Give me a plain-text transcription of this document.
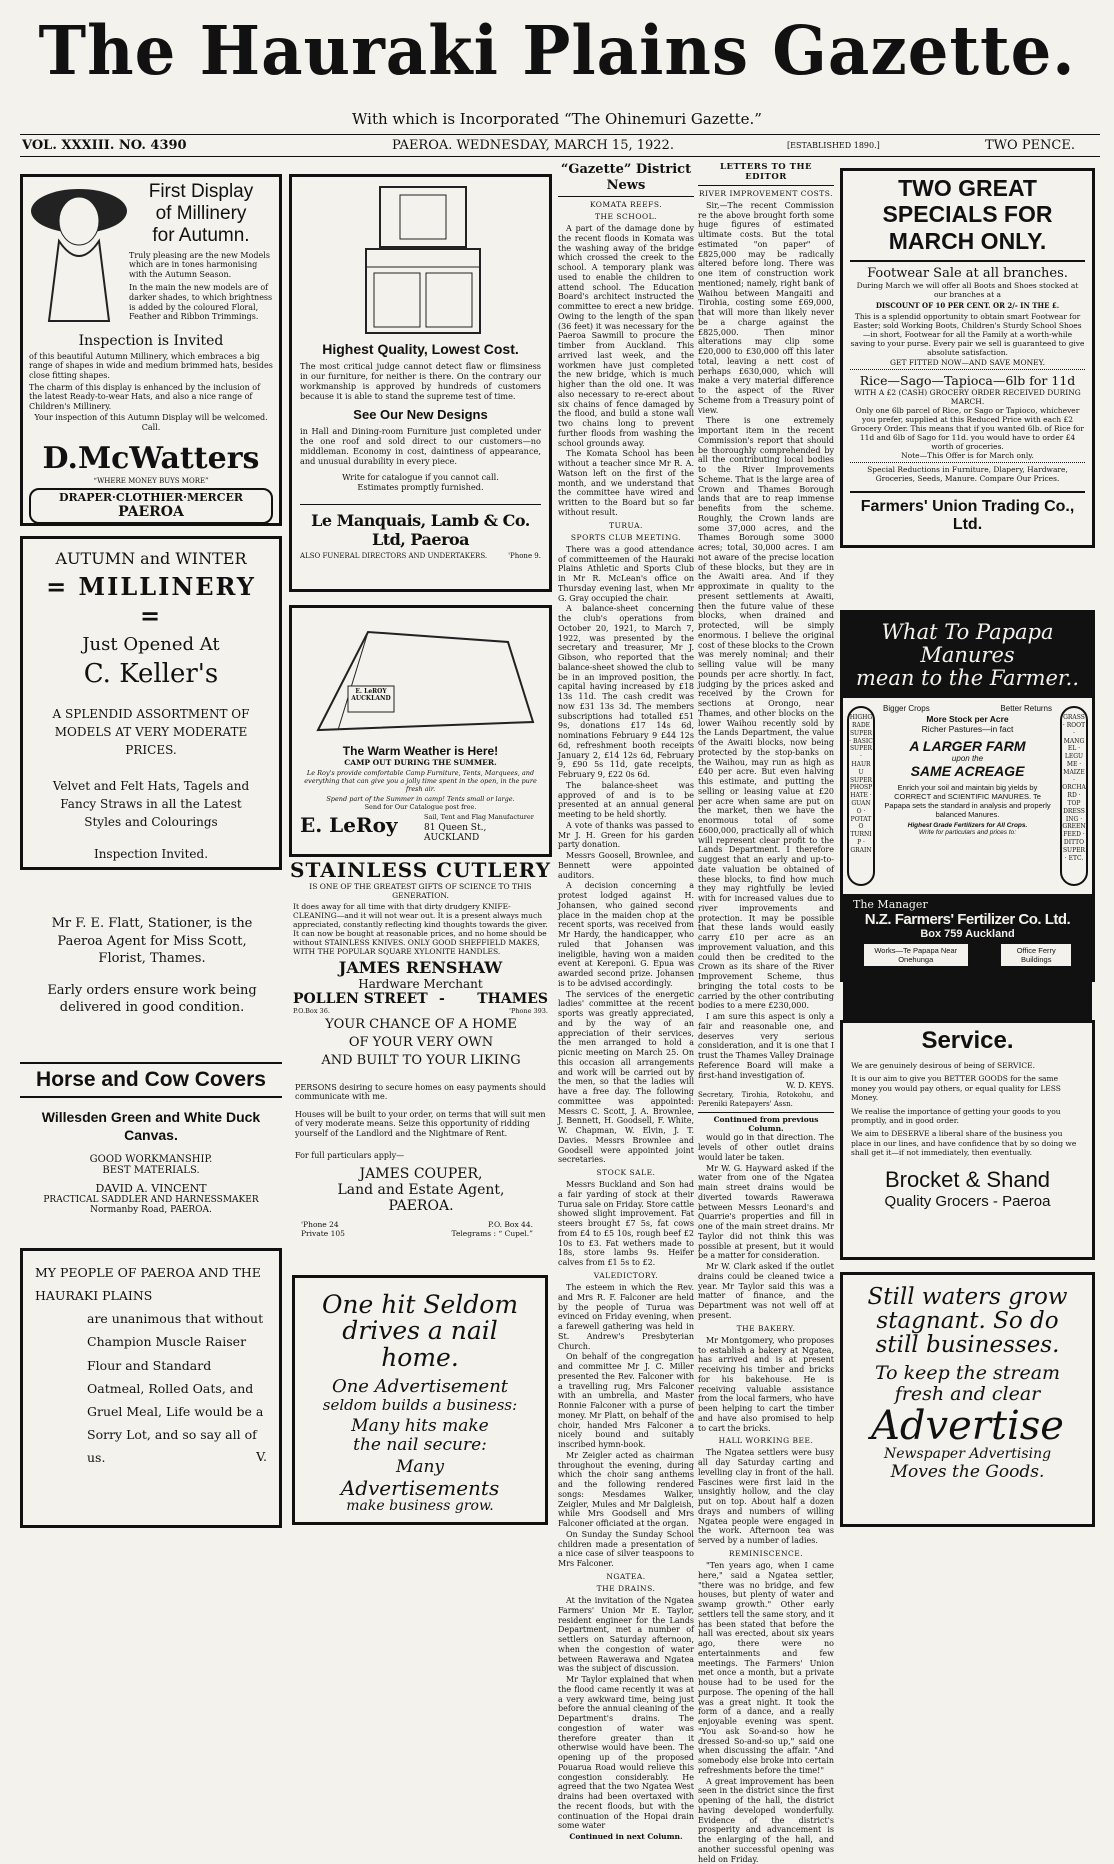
The Hauraki Plains Gazette.
With which is Incorporated “The Ohinemuri Gazette.”
VOL. XXXIII. NO. 4390	PAEROA. WEDNESDAY, MARCH 15, 1922.	[ESTABLISHED 1890.]	TWO PENCE.
First Display
of Millinery
for Autumn.

Truly pleasing are the new Models which are in tones harmonising with the Autumn Season.

In the main the new models are of darker shades, to which brightness is added by the coloured Floral, Feather and Ribbon Trimmings.

Inspection is Invited

of this beautiful Autumn Millinery, which embraces a big range of shapes in wide and medium brimmed hats, besides close fitting shapes.

The charm of this display is enhanced by the inclusion of the latest Ready-to-wear Hats, and also a nice range of Children's Millinery.

Your inspection of this Autumn Display will be welcomed. Call.

D.McWatters
“WHERE MONEY BUYS MORE”
DRAPER·CLOTHIER·MERCER PAEROA
AUTUMN and WINTER
= MILLINERY =
Just Opened At
C. Keller's
A SPLENDID ASSORTMENT OF MODELS AT VERY MODERATE PRICES.
Velvet and Felt Hats, Tagels and Fancy Straws in all the Latest Styles and Colourings
Inspection Invited.
Mr F. E. Flatt, Stationer, is the Paeroa Agent for Miss Scott, Florist, Thames.
Early orders ensure work being delivered in good condition.
Horse and Cow Covers
Willesden Green and White Duck Canvas.
GOOD WORKMANSHIP.
BEST MATERIALS.
DAVID A. VINCENT
PRACTICAL SADDLER AND HARNESSMAKER
Normanby Road, PAEROA.
MY PEOPLE OF PAEROA AND THE HAURAKI PLAINS
are unanimous that without Champion Muscle Raiser Flour and Standard Oatmeal, Rolled Oats, and Gruel Meal, Life would be a Sorry Lot, and so say all of us.	V.
Highest Quality, Lowest Cost.
The most critical judge cannot detect flaw or flimsiness in our furniture, for neither is there. On the contrary our workmanship is approved by hundreds of customers because it is able to stand the supreme test of time.
See Our New Designs
in Hall and Dining-room Furniture just completed under the one roof and sold direct to our customers—no middleman. Economy in cost, daintiness of appearance, and unusual durability in every piece.
Write for catalogue if you cannot call. Estimates promptly furnished.
Le Manquais, Lamb & Co. Ltd, Paeroa
ALSO FUNERAL DIRECTORS AND UNDERTAKERS.	'Phone 9.
E. LeROY AUCKLAND
The Warm Weather is Here!
CAMP OUT DURING THE SUMMER.
Le Roy's provide comfortable Camp Furniture, Tents, Marquees, and everything that can give you a jolly time spent in the open, in the pure fresh air.
Spend part of the Summer in camp! Tents small or large.
Send for Our Catalogue post free.
E. LeRoy	Sail, Tent and Flag Manufacturer
81 Queen St., AUCKLAND
STAINLESS CUTLERY
IS ONE OF THE GREATEST GIFTS OF SCIENCE TO THIS GENERATION.
It does away for all time with that dirty drudgery KNIFE-CLEANING—and it will not wear out. It is a present always much appreciated, constantly reflecting kind thoughts towards the giver. It can now be bought at reasonable prices, and no home should be without STAINLESS KNIVES. ONLY GOOD SHEFFIELD MAKES, WITH THE POPULAR SQUARE XYLONITE HANDLES.
JAMES RENSHAW
Hardware Merchant
POLLEN STREET - THAMES
P.O.Box 36.	'Phone 393.
YOUR CHANCE OF A HOME
OF YOUR VERY OWN
AND BUILT TO YOUR LIKING
PERSONS desiring to secure homes on easy payments should communicate with me.
Houses will be built to your order, on terms that will suit men of very moderate means. Seize this opportunity of ridding yourself of the Landlord and the Nightmare of Rent.
For full particulars apply—
JAMES COUPER,
Land and Estate Agent,
PAEROA.
'Phone 24
Private 105
P.O. Box 44.
Telegrams : “ Cupel.”
One hit Seldom
drives a nail home.
One Advertisement
seldom builds a business:
Many hits make
the nail secure:
Many
Advertisements
make business grow.
“Gazette” District News
KOMATA REEFS.
THE SCHOOL.

A part of the damage done by the recent floods in Komata was the washing away of the bridge which crossed the creek to the school. A temporary plank was used to enable the children to attend school. The Education Board's architect instructed the committee to erect a new bridge. Owing to the length of the span (36 feet) it was necessary for the Paeroa Sawmill to procure the timber from Auckland. This arrived last week, and the workmen have just completed the new bridge, which is much higher than the old one. It was also necessary to re-erect about six chains of fence damaged by the flood, and build a stone wall two chains long to prevent further floods from washing the school grounds away.

The Komata School has been without a teacher since Mr R. A. Watson left on the first of the month, and we understand that the committee have wired and written to the Board but so far without result.

TURUA.
SPORTS CLUB MEETING.

There was a good attendance of committeemen of the Hauraki Plains Athletic and Sports Club in Mr R. McLean's office on Thursday evening last, when Mr G. Gray occupied the chair.

A balance-sheet concerning the club's operations from October 20, 1921, to March 7, 1922, was presented by the secretary and treasurer, Mr J. Gibson, who reported that the balance-sheet showed the club to be in an improved position, the capital having increased by £18 13s 11d. The cash credit was now £31 13s 3d. The members subscriptions had totalled £51 9s, donations £17 14s 6d, nominations February 9 £44 12s 6d, refreshment booth receipts January 2, £14 12s 6d, February 9, £90 5s 11d, gate receipts, February 9, £22 0s 6d.

The balance-sheet was approved of and is to be presented at an annual general meeting to be held shortly.

A vote of thanks was passed to Mr J. H. Green for his garden party donation.

Messrs Goosell, Brownlee, and Bennett were appointed auditors.

A decision concerning a protest lodged against H. Johansen, who gained second place in the maiden chop at the recent sports, was received from Mr Hardy, the handicapper, who ruled that Johansen was ineligible, having won a maiden event at Kereponi. G. Epua was awarded second prize. Johansen is to be advised accordingly.

The services of the energetic ladies' committee at the recent sports was greatly appreciated, and by the way of an appreciation of their services, the men arranged to hold a picnic meeting on March 25. On this occasion all arrangements and work will be carried out by the men, so that the ladies will have a free day. The following committee was appointed: Messrs C. Scott, J. A. Brownlee, J. Bennett, H. Goodsell, F. White, W. Chapman, W. Elvin, J. T. Davies. Messrs Brownlee and Goodsell were appointed joint secretaries.

STOCK SALE.

Messrs Buckland and Son had a fair yarding of stock at their Turua sale on Friday. Store cattle showed slight improvement. Fat steers brought £7 5s, fat cows from £4 to £5 10s, rough beef £2 10s to £3. Fat wethers made to 18s, store lambs 9s. Heifer calves from £1 5s to £2.

VALEDICTORY.

The esteem in which the Rev. and Mrs R. F. Falconer are held by the people of Turua was evinced on Friday evening, when a farewell gathering was held in St. Andrew's Presbyterian Church.

On behalf of the congregation and committee Mr J. C. Miller presented the Rev. Falconer with a travelling rug, Mrs Falconer with an umbrella, and Master Ronnie Falconer with a purse of money. Mr Platt, on behalf of the choir, handed Mrs Falconer a nicely bound and suitably inscribed hymn-book.

Mr Zeigler acted as chairman throughout the evening, during which the choir sang anthems and the following rendered songs: Mesdames Walker, Zeigler, Mules and Mr Dalgleish, while Mrs Goodsell and Mrs Falconer officiated at the organ.

On Sunday the Sunday School children made a presentation of a nice case of silver teaspoons to Mrs Falconer.

NGATEA.
THE DRAINS.

At the invitation of the Ngatea Farmers' Union Mr E. Taylor, resident engineer for the Lands Department, met a number of settlers on Saturday afternoon, when the congestion of water between Rawerawa and Ngatea was the subject of discussion.

Mr Taylor explained that when the flood came recently it was at a very awkward time, being just before the annual cleaning of the Department's drains. The congestion of water was therefore greater than it otherwise would have been. The opening up of the proposed Pouarua Road would relieve this congestion considerably. He agreed that the two Ngatea West drains had been overtaxed with the recent floods, but with the continuation of the Hopai drain some water

Continued in next Column.
LETTERS TO THE EDITOR
RIVER IMPROVEMENT COSTS.

Sir,—The recent Commission re the above brought forth some huge figures of estimated ultimate costs. But the total estimated "on paper" of £825,000 may be radically altered before long. There was one item of construction work mentioned; namely, right bank of Waihou between Mangaiti and Tirohia, costing some £69,000, that will more than likely never be a charge against the £825,000. Then minor alterations may clip some £20,000 to £30,000 off this later total, leaving a nett cost of perhaps £630,000, which will make a very material difference to the aspect of the River Scheme from a Treasury point of view.

There is one extremely important item in the recent Commission's report that should be thoroughly comprehended by all the contributing local bodies to the River Improvements Scheme. That is the large area of Crown and Thames Borough lands that are to reap immense benefits from the scheme. Roughly, the Crown lands are some 37,000 acres, and the Thames Borough some 3000 acres; total, 30,000 acres. I am not aware of the precise location of these blocks, but they are in the Awaiti area. And if they approximate in quality to the present settlements at Awaiti, then the future value of these blocks, when drained and protected, will be simply enormous. I believe the original cost of these blocks to the Crown was merely nominal; and their selling value will be many pounds per acre shortly. In fact, judging by the prices asked and received by the Crown for sections at Orongo, near Thames, and other blocks on the lower Waihou recently sold by the Lands Department, the value of the Awaiti blocks, now being protected by the stop-banks on the Waihou, may run as high as £40 per acre. But even halving this estimate, and putting the selling or leasing value at £20 per acre when same are put on the market, then we have the enormous total of some £600,000, practically all of which will represent clear profit to the Lands Department. I therefore suggest that an early and up-to-date valuation be obtained of these blocks, to find how much they may rightfully be levied with for increased values due to river improvements and protection. It may be possible that these lands would easily carry £10 per acre as an improvement valuation, and this could then be credited to the Crown as its share of the River Improvement Scheme, thus bringing the total costs to be carried by the other contributing bodies to a mere £230,000.

I am sure this aspect is only a fair and reasonable one, and deserves very serious consideration, and it is one that I trust the Thames Valley Drainage Reference Board will make a first-hand investigation of.

W. D. KEYS.
Secretary, Tirohia, Rotokohu, and Pereniki Ratepayers' Assn.
Continued from previous Column.

would go in that direction. The levels of other outlet drains would later be taken.

Mr W. G. Hayward asked if the water from one of the Ngatea main street drains would be diverted towards Rawerawa between Messrs Leonard's and Quarrie's properties and fill in one of the main street drains. Mr Taylor did not think this was possible at present, but it would be a matter for consideration.

Mr W. Clark asked if the outlet drains could be cleaned twice a year. Mr Taylor said this was a matter of finance, and the Department was not well off at present.

THE BAKERY.

Mr Montgomery, who proposes to establish a bakery at Ngatea, has arrived and is at present receiving his timber and bricks for his bakehouse. He is receiving valuable assistance from the local farmers, who have been helping to cart the timber and have also promised to help to cart the bricks.

HALL WORKING BEE.

The Ngatea settlers were busy all day Saturday carting and levelling clay in front of the hall. Fascines were first laid in the unsightly hollow, and the clay put on top. About half a dozen drays and numbers of willing Ngatea people were engaged in the work. Afternoon tea was served by a number of ladies.

REMINISCENCE.

"Ten years ago, when I came here," said a Ngatea settler, "there was no bridge, and few houses, but plenty of water and swamp growth." Other early settlers tell the same story, and it has been stated that before the hall was erected, about six years ago, there were no entertainments and few meetings. The Farmers' Union met once a month, but a private house had to be used for the purpose. The opening of the hall was a great night. It took the form of a dance, and a really enjoyable evening was spent. "You ask So-and-so how he dressed So-and-so up," said one when discussing the affair. "And somebody else broke into certain refreshments before the time!"

A great improvement has been seen in the district since the first opening of the hall, the district having developed wonderfully. Evidence of the district's prosperity and advancement is the enlarging of the hall, and another successful opening was held on Friday.

TWO GREAT SPECIALS FOR MARCH ONLY.
Footwear Sale at all branches.
During March we will offer all Boots and Shoes stocked at our branches at a
DISCOUNT OF 10 PER CENT. OR 2/- IN THE £.
This is a splendid opportunity to obtain smart Footwear for Easter; sold Working Boots, Children's Sturdy School Shoes—in short, Footwear for all the Family at a worth-while saving to your purse. Every pair we sell is guaranteed to give absolute satisfaction.
GET FITTED NOW—AND SAVE MONEY.
Rice—Sago—Tapioca—6lb for 11d
WITH A £2 (CASH) GROCERY ORDER RECEIVED DURING MARCH.
Only one 6lb parcel of Rice, or Sago or Tapioco, whichever you prefer, supplied at this Reduced Price with each £2 Grocery Order. This means that if you wanted 6lb. of Rice for 11d and 6lb of Sago for 11d. you would have to order £4 worth of groceries.
Note—This Offer is for March only.
Special Reductions in Furniture, Dlapery, Hardware, Groceries, Seeds, Manure. Compare Our Prices.
Farmers' Union Trading Co., Ltd.
What To Papapa Manures
mean to the Farmer..
HIGHGRADE SUPER · BASIC SUPER · HAURU SUPERPHOSPHATE · GUANO · POTATO TURNIP · GRAIN
GRASS · ROOT · MANGEL · LEGUME · MAIZE · ORCHARD · TOP DRESSING · GREEN FEED · DITTO SUPER · ETC.
Bigger Crops	Better Returns
More Stock per Acre
Richer Pastures—in fact
A LARGER FARM
upon the
SAME ACREAGE
Enrich your soil and maintain big yields by CORRECT and SCIENTIFIC MANURES. Te Papapa sets the standard in analysis and properly balanced Manures.
Highest Grade Fertilizers for All Crops.
Write for particulars and prices to:
The Manager
N.Z. Farmers' Fertilizer Co. Ltd.
Box 759 Auckland
Works—Te Papapa Near Onehunga
Office Ferry Buildings
Service.
We are genuinely desirous of being of SERVICE.
It is our aim to give you BETTER GOODS for the same money you would pay others, or equal quality for LESS Money.
We realise the importance of getting your goods to you promptly, and in good order.
We aim to DESERVE a liberal share of the business you place in our lines, and have confidence that by so doing we shall get it—if not immediately, then eventually.
Brocket & Shand
Quality Grocers - Paeroa
Still waters grow
stagnant. So do
still businesses.
To keep the stream
fresh and clear
Advertise
Newspaper Advertising
Moves the Goods.
